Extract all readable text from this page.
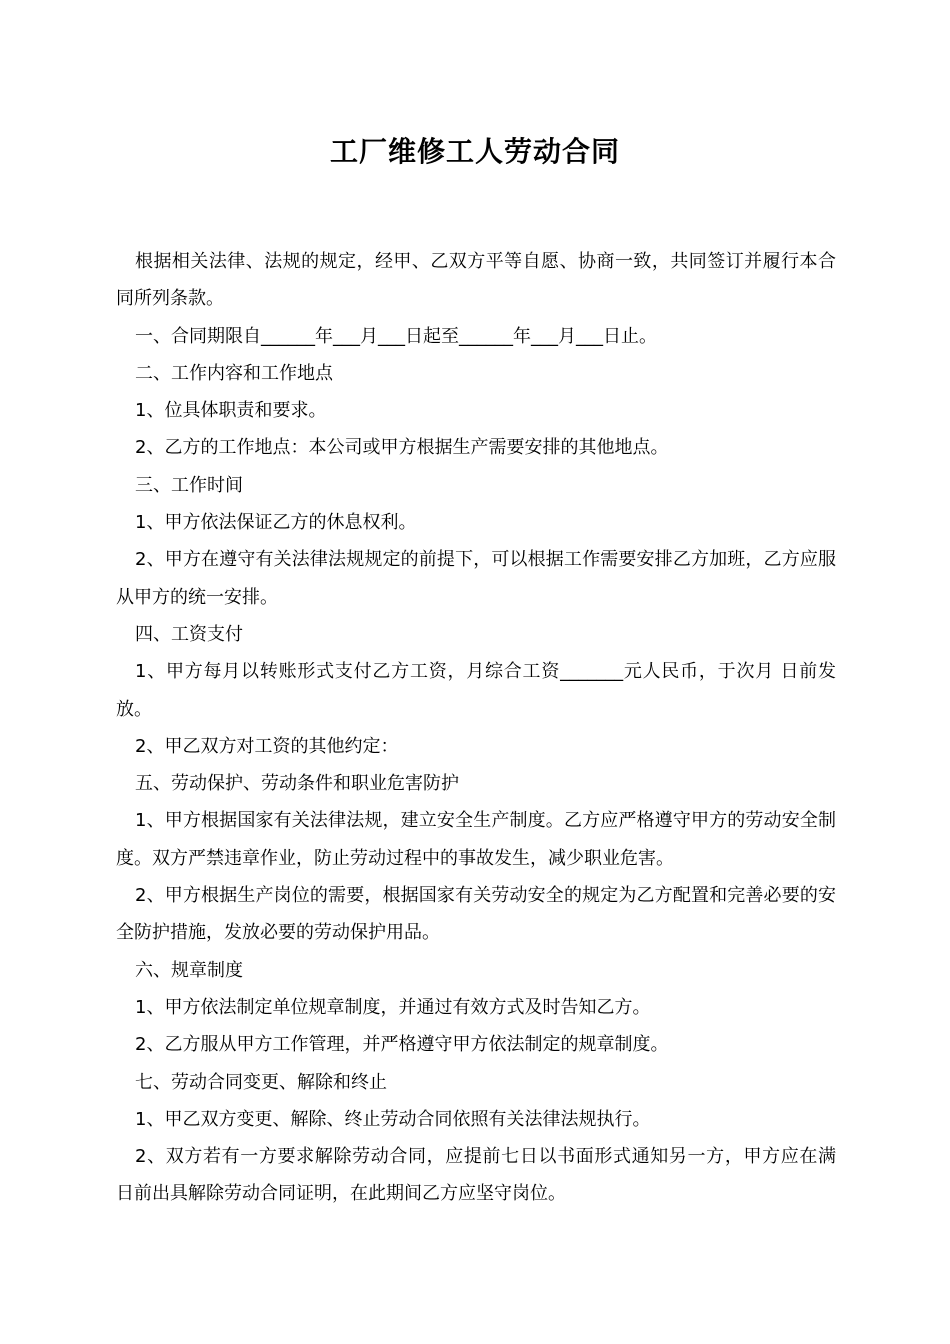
工厂维修工人劳动合同

根据相关法律、法规的规定，经甲、乙双方平等自愿、协商一致，共同签订并履行本合同所列条款。

一、合同期限自______年___月___日起至______年___月___日止。

二、工作内容和工作地点

1、位具体职责和要求。

2、乙方的工作地点：本公司或甲方根据生产需要安排的其他地点。

三、工作时间

1、甲方依法保证乙方的休息权利。

2、甲方在遵守有关法律法规规定的前提下，可以根据工作需要安排乙方加班，乙方应服从甲方的统一安排。

四、工资支付

1、甲方每月以转账形式支付乙方工资，月综合工资_______元人民币，于次月 日前发放。

2、甲乙双方对工资的其他约定：

五、劳动保护、劳动条件和职业危害防护

1、甲方根据国家有关法律法规，建立安全生产制度。乙方应严格遵守甲方的劳动安全制度。双方严禁违章作业，防止劳动过程中的事故发生，减少职业危害。

2、甲方根据生产岗位的需要，根据国家有关劳动安全的规定为乙方配置和完善必要的安全防护措施，发放必要的劳动保护用品。

六、规章制度

1、甲方依法制定单位规章制度，并通过有效方式及时告知乙方。

2、乙方服从甲方工作管理，并严格遵守甲方依法制定的规章制度。

七、劳动合同变更、解除和终止

1、甲乙双方变更、解除、终止劳动合同依照有关法律法规执行。

2、双方若有一方要求解除劳动合同，应提前七日以书面形式通知另一方，甲方应在满 日前出具解除劳动合同证明，在此期间乙方应坚守岗位。
